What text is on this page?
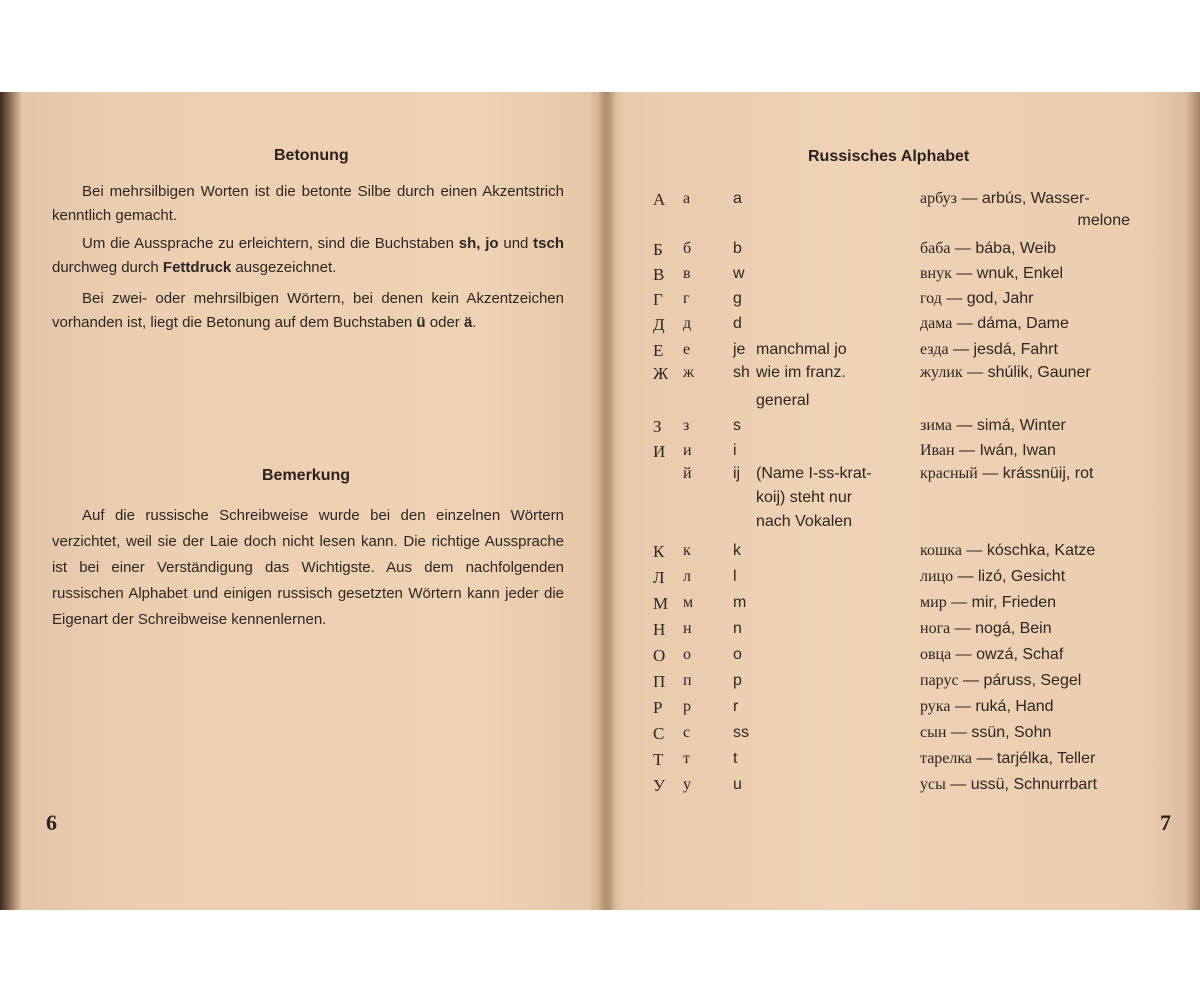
Betonung

Bei mehrsilbigen Worten ist die betonte Silbe durch einen Akzentstrich kenntlich gemacht.

Um die Aussprache zu erleichtern, sind die Buchstaben sh, jo und tsch durchweg durch Fettdruck ausgezeichnet.

Bei zwei- oder mehrsilbigen Wörtern, bei denen kein Akzentzeichen vorhanden ist, liegt die Betonung auf dem Buchstaben ü oder ä.

Bemerkung

Auf die russische Schreibweise wurde bei den einzelnen Wörtern verzichtet, weil sie der Laie doch nicht lesen kann. Die richtige Aussprache ist bei einer Verständigung das Wichtigste. Aus dem nachfolgenden russischen Alphabet und einigen russisch gesetzten Wörtern kann jeder die Eigenart der Schreibweise kennenlernen.

6
Russisches Alphabet
А а	a	арбуз — arbús, Wasser-
melone
Б б	b	баба — bába, Weib
В в	w	внук — wnuk, Enkel
Г г	g	год — god, Jahr
Д д	d	дама — dáma, Dame
Е е	je manchmal jo	езда — jesdá, Fahrt
Ж ж sh wie im franz.	жулик — shúlik, Gauner
general
З з	s	зима — simá, Winter
И и	i	Иван — Iwán, Iwan
й	ij (Name I-ss-krat-	красный — krássnüij, rot
koij) steht nur
nach Vokalen
К к	k	кошка — kóschka, Katze
Л л	l	лицо — lizó, Gesicht
М м m	мир — mir, Frieden
Н н	n	нога — nogá, Bein
О о	o	овца — owzá, Schaf
П п	p	парус — páruss, Segel
Р р	r	рука — ruká, Hand
С с	ss	сын — ssün, Sohn
Т т	t	тарелка — tarjélka, Teller
У у	u	усы — ussü, Schnurrbart
7
